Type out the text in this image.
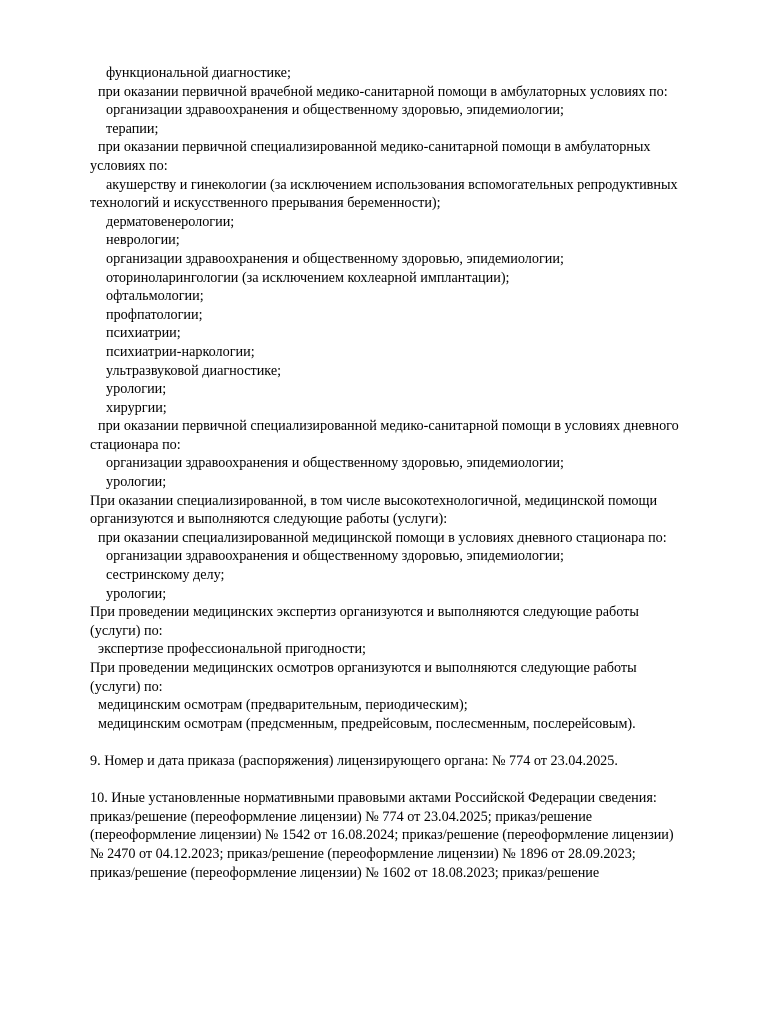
функциональной диагностике;

при оказании первичной врачебной медико-санитарной помощи в амбулаторных условиях по:

организации здравоохранения и общественному здоровью, эпидемиологии;

терапии;

при оказании первичной специализированной медико-санитарной помощи в амбулаторных

условиях по:

акушерству и гинекологии (за исключением использования вспомогательных репродуктивных

технологий и искусственного прерывания беременности);

дерматовенерологии;

неврологии;

организации здравоохранения и общественному здоровью, эпидемиологии;

оториноларингологии (за исключением кохлеарной имплантации);

офтальмологии;

профпатологии;

психиатрии;

психиатрии-наркологии;

ультразвуковой диагностике;

урологии;

хирургии;

при оказании первичной специализированной медико-санитарной помощи в условиях дневного

стационара по:

организации здравоохранения и общественному здоровью, эпидемиологии;

урологии;

При оказании специализированной, в том числе высокотехнологичной, медицинской помощи

организуются и выполняются следующие работы (услуги):

при оказании специализированной медицинской помощи в условиях дневного стационара по:

организации здравоохранения и общественному здоровью, эпидемиологии;

сестринскому делу;

урологии;

При проведении медицинских экспертиз организуются и выполняются следующие работы

(услуги) по:

экспертизе профессиональной пригодности;

При проведении медицинских осмотров организуются и выполняются следующие работы

(услуги) по:

медицинским осмотрам (предварительным, периодическим);

медицинским осмотрам (предсменным, предрейсовым, послесменным, послерейсовым).

9. Номер и дата приказа (распоряжения) лицензирующего органа: № 774 от 23.04.2025.

10. Иные установленные нормативными правовыми актами Российской Федерации сведения:

приказ/решение (переоформление лицензии) № 774 от 23.04.2025; приказ/решение

(переоформление лицензии) № 1542 от 16.08.2024; приказ/решение (переоформление лицензии)

№ 2470 от 04.12.2023; приказ/решение (переоформление лицензии) № 1896 от 28.09.2023;

приказ/решение (переоформление лицензии) № 1602 от 18.08.2023; приказ/решение
